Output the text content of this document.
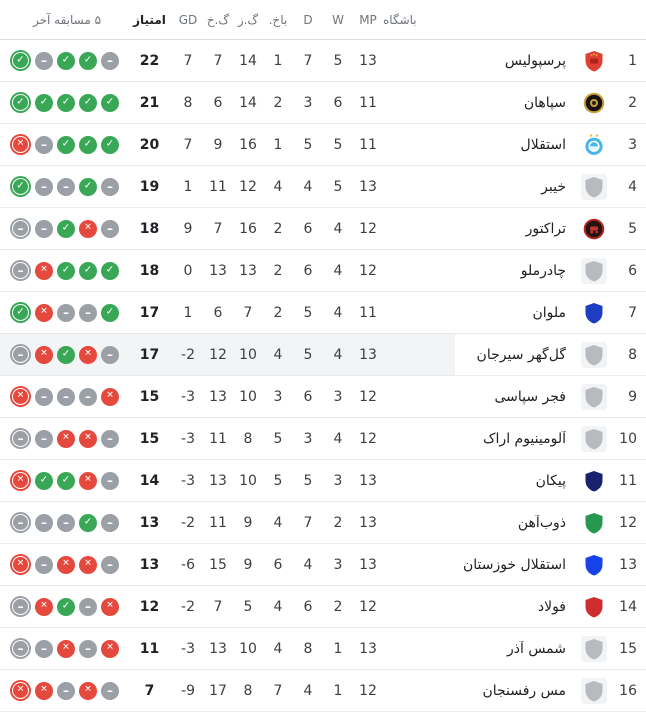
باشگاه
MP
W
D
باخ.
گ.ز
گ.خ
GD
امتیاز
۵ مسابقه آخر
1
پرسپولیس
13
5
7
1
14
7
7
22
✓ – ✓ ✓ –
2
سپاهان
11
6
3
2
14
6
8
21
✓ ✓ ✓ ✓ ✓
3
استقلال
11
5
5
1
16
9
7
20
✕ – ✓ ✓ ✓
4
خیبر
13
5
4
4
12
11
1
19
✓ – – ✓ –
5
تراکتور
12
4
6
2
16
7
9
18
– – ✓ ✕ –
6
چادرملو
12
4
6
2
13
13
0
18
– ✕ ✓ ✓ ✓
7
ملوان
11
4
5
2
7
6
1
17
✓ ✕ – – ✓
8
گل‌گهر سیرجان
13
4
5
4
10
12
-2
17
– ✕ ✓ ✕ –
9
فجر سپاسی
12
3
6
3
10
13
-3
15
✕ – – – ✕
10
آلومینیوم اراک
12
4
3
5
8
11
-3
15
– – ✕ ✕ –
11
پیکان
13
3
5
5
10
13
-3
14
✕ ✓ ✓ ✕ –
12
ذوب‌آهن
13
2
7
4
9
11
-2
13
– – – ✓ –
13
استقلال خوزستان
13
3
4
6
9
15
-6
13
✕ – ✕ ✕ –
14
فولاد
12
2
6
4
5
7
-2
12
– ✕ ✓ – ✕
15
شمس آذر
13
1
8
4
10
13
-3
11
– – ✕ – ✕
16
مس رفسنجان
12
1
4
7
8
17
-9
7
✕ ✕ – ✕ –
